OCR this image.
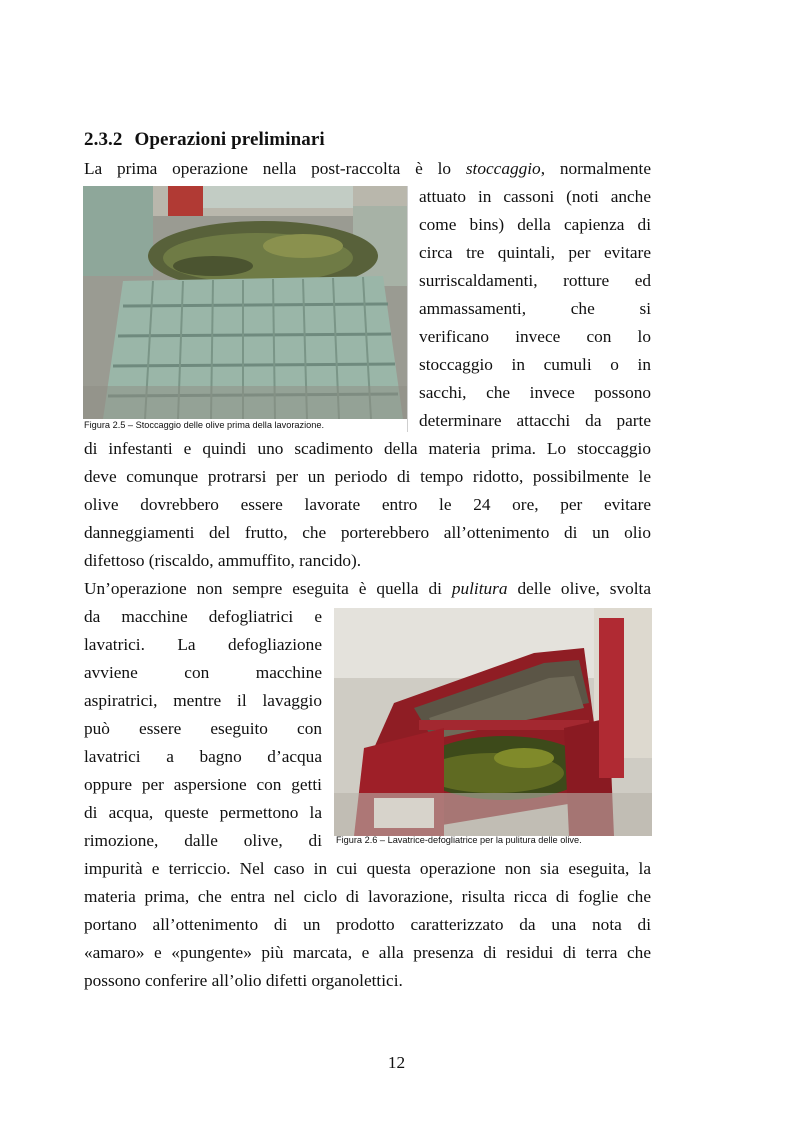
2.3.2 Operazioni preliminari
La prima operazione nella post-raccolta è lo stoccaggio, normalmente
Figura 2.5 – Stoccaggio delle olive prima della lavorazione.
attuato in cassoni (noti anche
come bins) della capienza di
circa tre quintali, per evitare
surriscaldamenti, rotture ed
ammassamenti, che si
verificano invece con lo
stoccaggio in cumuli o in
sacchi, che invece possono
determinare attacchi da parte
di infestanti e quindi uno scadimento della materia prima. Lo stoccaggio
deve comunque protrarsi per un periodo di tempo ridotto, possibilmente le
olive dovrebbero essere lavorate entro le 24 ore, per evitare
danneggiamenti del frutto, che porterebbero all’ottenimento di un olio
difettoso (riscaldo, ammuffito, rancido).
Un’operazione non sempre eseguita è quella di pulitura delle olive, svolta
da macchine defogliatrici e
lavatrici. La defogliazione
avviene con macchine
aspiratrici, mentre il lavaggio
può essere eseguito con
lavatrici a bagno d’acqua
oppure per aspersione con getti
di acqua, queste permettono la
rimozione, dalle olive, di Figura 2.6 – Lavatrice-defogliatrice per la pulitura delle olive.
impurità e terriccio. Nel caso in cui questa operazione non sia eseguita, la
materia prima, che entra nel ciclo di lavorazione, risulta ricca di foglie che
portano all’ottenimento di un prodotto caratterizzato da una nota di
«amaro» e «pungente» più marcata, e alla presenza di residui di terra che
possono conferire all’olio difetti organolettici.
12
